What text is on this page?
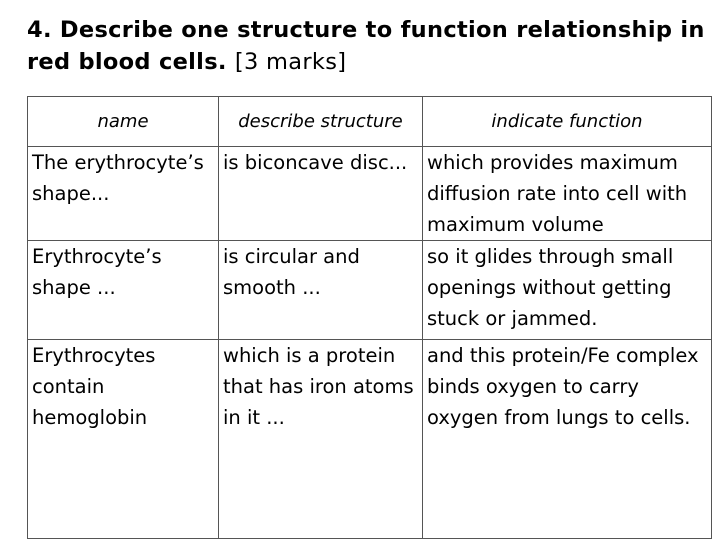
4. Describe one structure to function relationship in red blood cells. [3 marks]
name	describe structure	indicate function
The erythrocyte’s shape...	is biconcave disc...	which provides maximum diffusion rate into cell with maximum volume
Erythrocyte’s shape ...	is circular and smooth ...	so it glides through small openings without getting stuck or jammed.
Erythrocytes contain hemoglobin	which is a protein that has iron atoms in it ...	and this protein/Fe complex binds oxygen to carry oxygen from lungs to cells.
